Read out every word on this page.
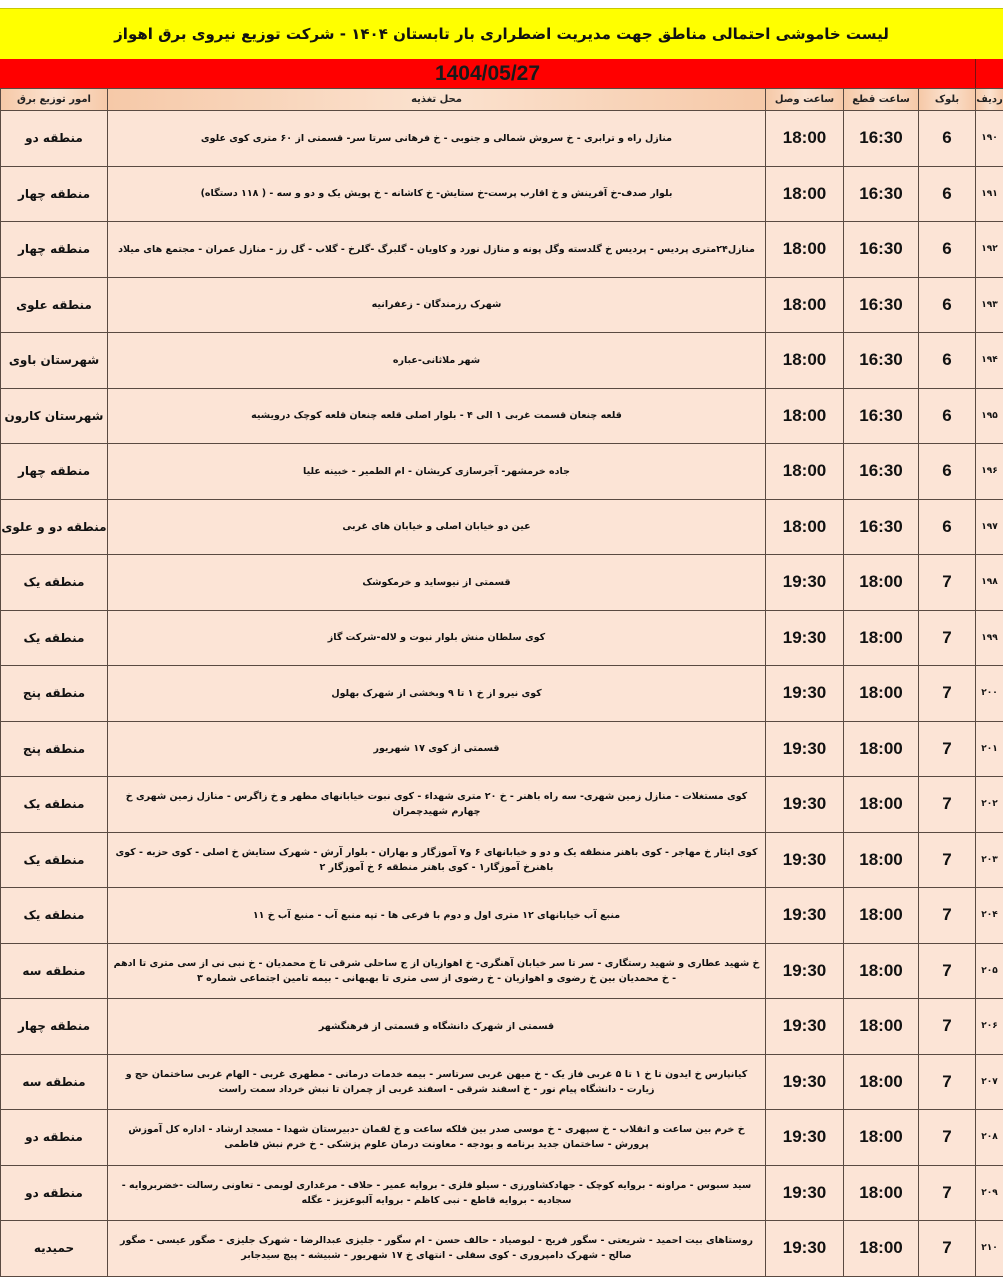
لیست خاموشی احتمالی مناطق جهت مدیریت اضطراری بار تابستان ۱۴۰۴ - شرکت توزیع نیروی برق اهواز
1404/05/27
امور توزیع برق	محل تغذیه	ساعت وصل	ساعت قطع	بلوک	ردیف
منطقه دو	منازل راه و ترابری - خ سروش شمالی و جنوبی - خ فرهانی سرتا سر- قسمتی از ۶۰ متری کوی علوی	18:00	16:30	6	۱۹۰
منطقه چهار	بلوار صدف-خ آفرینش و خ اقارب پرست-خ ستایش- خ کاشانه - خ پویش یک و دو و سه - ( ۱۱۸ دستگاه)	18:00	16:30	6	۱۹۱
منطقه چهار	منازل۲۴متری پردیس - پردیس خ گلدسته وگل پونه و منازل نورد و کاویان - گلبرگ -گلرخ - گلاب - گل رز - منازل عمران - مجتمع های میلاد	18:00	16:30	6	۱۹۲
منطقه علوی	شهرک رزمندگان - زعفرانیه	18:00	16:30	6	۱۹۳
شهرستان باوی	شهر ملاثانی-عباره	18:00	16:30	6	۱۹۴
شهرستان کارون	قلعه چنعان قسمت غربی ۱ الی ۴ - بلوار اصلی قلعه چنعان قلعه کوچک درویشیه	18:00	16:30	6	۱۹۵
منطقه چهار	جاده خرمشهر- آجرسازی کریشان - ام الطمیر - خبینه علیا	18:00	16:30	6	۱۹۶
منطقه دو و علوی	عین دو خیابان اصلی و خیابان های غربی	18:00	16:30	6	۱۹۷
منطقه یک	قسمتی از نیوساید و خرمکوشک	19:30	18:00	7	۱۹۸
منطقه یک	کوی سلطان منش بلوار نبوت و لاله-شرکت گاز	19:30	18:00	7	۱۹۹
منطقه پنج	کوی نیرو از خ ۱ تا ۹ وبخشی از شهرک بهلول	19:30	18:00	7	۲۰۰
منطقه پنج	قسمتی از کوی ۱۷ شهریور	19:30	18:00	7	۲۰۱
منطقه یک	کوی مستغلات - منازل زمین شهری- سه راه باهنر - خ ۲۰ متری شهداء - کوی نبوت خیابانهای مطهر و خ زاگرس - منازل زمین شهری خ چهارم شهیدچمران	19:30	18:00	7	۲۰۲
منطقه یک	کوی ایثار خ مهاجر - کوی باهنر منطقه یک و دو و خیابانهای ۶ و۷ آموزگار و بهاران - بلوار آرش - شهرک ستایش خ اصلی - کوی حزبه - کوی باهنرخ آموزگار۱ - کوی باهنر منطقه ۶ خ آموزگار ۲	19:30	18:00	7	۲۰۳
منطقه یک	منبع آب خیابانهای ۱۲ متری اول و دوم با فرعی ها - تپه منبع آب - منبع آب خ ۱۱	19:30	18:00	7	۲۰۴
منطقه سه	خ شهید عطاری و شهید رستگاری - سر تا سر خیابان آهنگری- خ اهوازیان از ج ساحلی شرقی تا خ محمدیان - خ نبی نی از سی متری تا ادهم - خ محمدیان بین خ رضوی و اهوازیان - خ رضوی از سی متری تا بهبهانی - بیمه تامین اجتماعی شماره ۳	19:30	18:00	7	۲۰۵
منطقه چهار	قسمتی از شهرک دانشگاه و قسمتی از فرهنگشهر	19:30	18:00	7	۲۰۶
منطقه سه	کیانپارس خ ایدون تا خ ۱ تا ۵ غربی فاز یک - خ میهن غربی سرتاسر - بیمه خدمات درمانی - مطهری غربی - الهام غربی ساختمان حج و زیارت - دانشگاه پیام نور - خ اسفند شرقی - اسفند غربی از چمران تا نبش خرداد سمت راست	19:30	18:00	7	۲۰۷
منطقه دو	خ خرم بین ساعت و انقلاب - خ سپهری - خ موسی صدر بین فلکه ساعت و خ لقمان -دبیرستان شهدا - مسجد ارشاد - اداره کل آموزش پرورش - ساختمان جدید برنامه و بودجه - معاونت درمان علوم پزشکی - خ خرم نبش فاطمی	19:30	18:00	7	۲۰۸
منطقه دو	سید سبوس - مراونه - بروایه کوچک - جهادکشاورزی - سیلو فلزی - بروایه عمیر - حلاف - مرغداری لویمی - تعاونی رسالت -خضربروایه - سجادیه - بروایه قاطع - نبی کاظم - بروایه آلبوعزیز - عگله	19:30	18:00	7	۲۰۹
حمیدیه	روستاهای بیت احمید - شریعتی - سگور فریح - لبوصیاد - حالف حسن - ام سگور - جلیزی عبدالرضا - شهرک جلیزی - صگور عیسی - صگور صالح - شهرک دامپروری - کوی سفلی - انتهای خ ۱۷ شهریور - شبیشه - پیچ سیدجابر	19:30	18:00	7	۲۱۰
